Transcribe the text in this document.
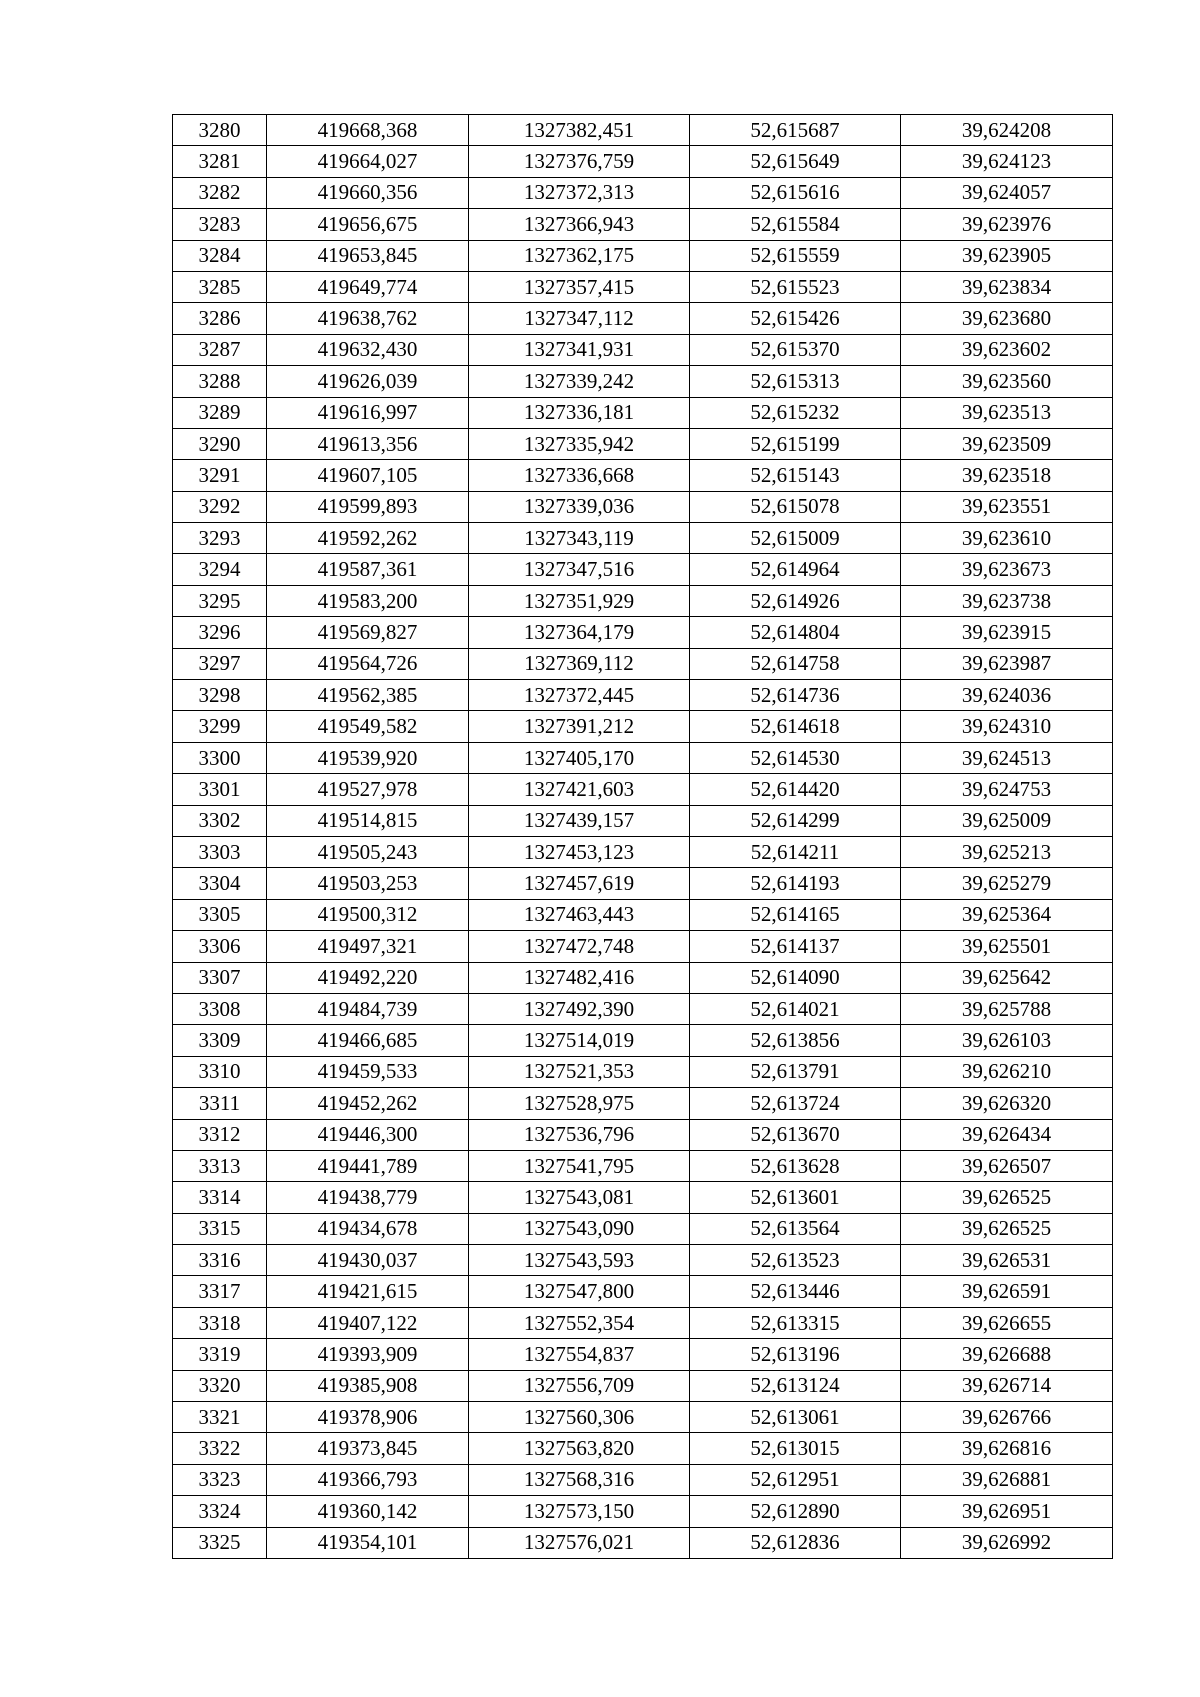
3280	419668,368	1327382,451	52,615687	39,624208
3281	419664,027	1327376,759	52,615649	39,624123
3282	419660,356	1327372,313	52,615616	39,624057
3283	419656,675	1327366,943	52,615584	39,623976
3284	419653,845	1327362,175	52,615559	39,623905
3285	419649,774	1327357,415	52,615523	39,623834
3286	419638,762	1327347,112	52,615426	39,623680
3287	419632,430	1327341,931	52,615370	39,623602
3288	419626,039	1327339,242	52,615313	39,623560
3289	419616,997	1327336,181	52,615232	39,623513
3290	419613,356	1327335,942	52,615199	39,623509
3291	419607,105	1327336,668	52,615143	39,623518
3292	419599,893	1327339,036	52,615078	39,623551
3293	419592,262	1327343,119	52,615009	39,623610
3294	419587,361	1327347,516	52,614964	39,623673
3295	419583,200	1327351,929	52,614926	39,623738
3296	419569,827	1327364,179	52,614804	39,623915
3297	419564,726	1327369,112	52,614758	39,623987
3298	419562,385	1327372,445	52,614736	39,624036
3299	419549,582	1327391,212	52,614618	39,624310
3300	419539,920	1327405,170	52,614530	39,624513
3301	419527,978	1327421,603	52,614420	39,624753
3302	419514,815	1327439,157	52,614299	39,625009
3303	419505,243	1327453,123	52,614211	39,625213
3304	419503,253	1327457,619	52,614193	39,625279
3305	419500,312	1327463,443	52,614165	39,625364
3306	419497,321	1327472,748	52,614137	39,625501
3307	419492,220	1327482,416	52,614090	39,625642
3308	419484,739	1327492,390	52,614021	39,625788
3309	419466,685	1327514,019	52,613856	39,626103
3310	419459,533	1327521,353	52,613791	39,626210
3311	419452,262	1327528,975	52,613724	39,626320
3312	419446,300	1327536,796	52,613670	39,626434
3313	419441,789	1327541,795	52,613628	39,626507
3314	419438,779	1327543,081	52,613601	39,626525
3315	419434,678	1327543,090	52,613564	39,626525
3316	419430,037	1327543,593	52,613523	39,626531
3317	419421,615	1327547,800	52,613446	39,626591
3318	419407,122	1327552,354	52,613315	39,626655
3319	419393,909	1327554,837	52,613196	39,626688
3320	419385,908	1327556,709	52,613124	39,626714
3321	419378,906	1327560,306	52,613061	39,626766
3322	419373,845	1327563,820	52,613015	39,626816
3323	419366,793	1327568,316	52,612951	39,626881
3324	419360,142	1327573,150	52,612890	39,626951
3325	419354,101	1327576,021	52,612836	39,626992
